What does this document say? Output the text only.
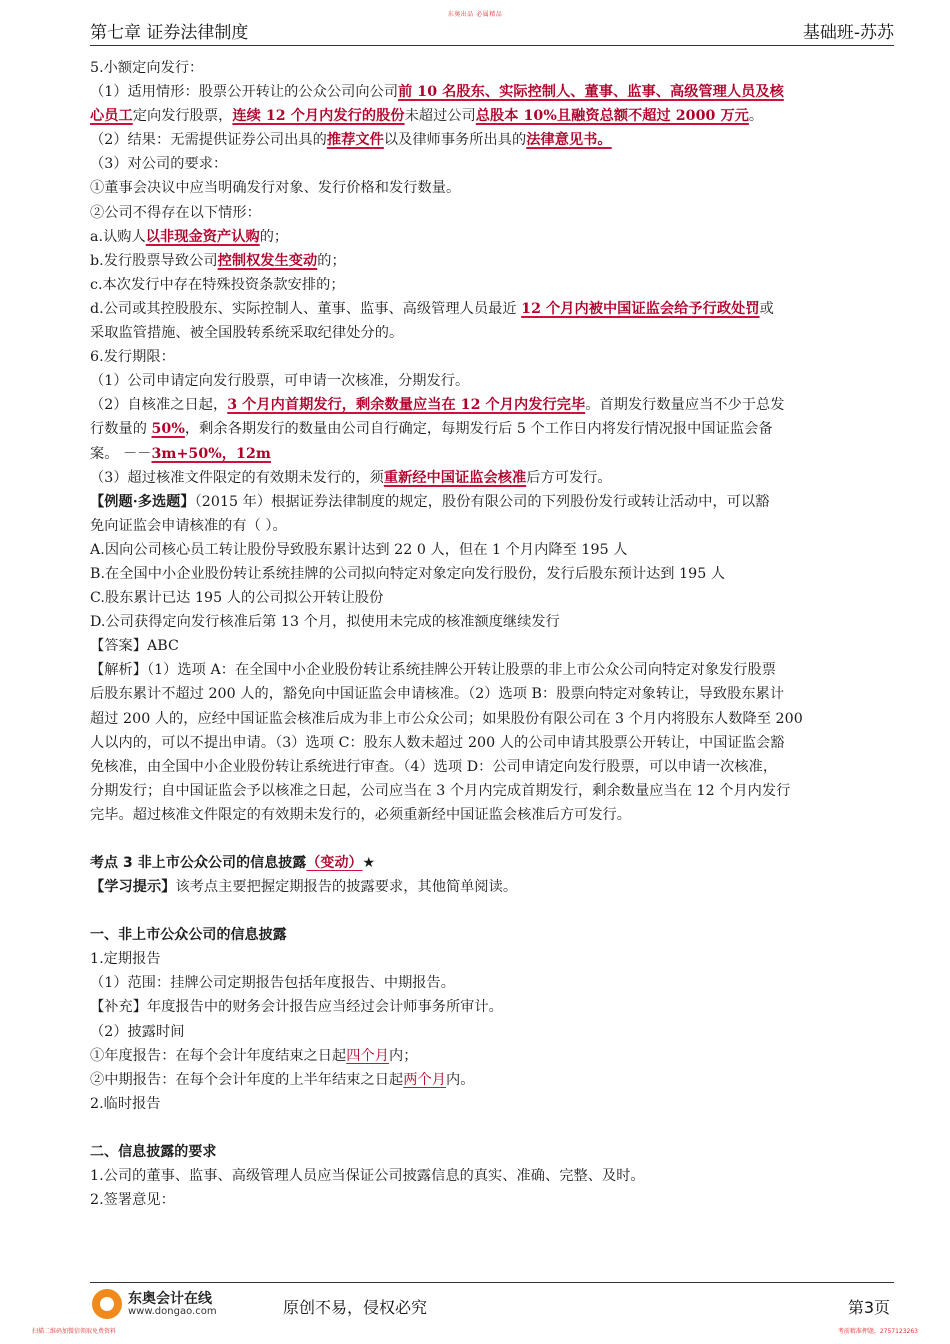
东奥出品 必属精品
第七章 证券法律制度	基础班-苏苏

5.小额定向发行：

（1）适用情形：股票公开转让的公众公司向公司前 10 名股东、实际控制人、董事、监事、高级管理人员及核

心员工定向发行股票，连续 12 个月内发行的股份未超过公司总股本 10%且融资总额不超过 2000 万元。

（2）结果：无需提供证券公司出具的推荐文件以及律师事务所出具的法律意见书。

（3）对公司的要求：

①董事会决议中应当明确发行对象、发行价格和发行数量。

②公司不得存在以下情形：

a.认购人以非现金资产认购的；

b.发行股票导致公司控制权发生变动的；

c.本次发行中存在特殊投资条款安排的；

d.公司或其控股股东、实际控制人、董事、监事、高级管理人员最近 12 个月内被中国证监会给予行政处罚或

采取监管措施、被全国股转系统采取纪律处分的。

6.发行期限：

（1）公司申请定向发行股票，可申请一次核准，分期发行。

（2）自核准之日起，3 个月内首期发行，剩余数量应当在 12 个月内发行完毕。首期发行数量应当不少于总发

行数量的 50%，剩余各期发行的数量由公司自行确定，每期发行后 5 个工作日内将发行情况报中国证监会备

案。 －－3m+50%，12m

（3）超过核准文件限定的有效期未发行的，须重新经中国证监会核准后方可发行。

【例题·多选题】（2015 年）根据证券法律制度的规定，股份有限公司的下列股份发行或转让活动中，可以豁

免向证监会申请核准的有（ ）。

A.因向公司核心员工转让股份导致股东累计达到 22 0 人，但在 1 个月内降至 195 人

B.在全国中小企业股份转让系统挂牌的公司拟向特定对象定向发行股份，发行后股东预计达到 195 人

C.股东累计已达 195 人的公司拟公开转让股份

D.公司获得定向发行核准后第 13 个月，拟使用未完成的核准额度继续发行

【答案】ABC

【解析】（1）选项 A：在全国中小企业股份转让系统挂牌公开转让股票的非上市公众公司向特定对象发行股票

后股东累计不超过 200 人的，豁免向中国证监会申请核准。（2）选项 B：股票向特定对象转让，导致股东累计

超过 200 人的，应经中国证监会核准后成为非上市公众公司；如果股份有限公司在 3 个月内将股东人数降至 200

人以内的，可以不提出申请。（3）选项 C：股东人数未超过 200 人的公司申请其股票公开转让，中国证监会豁

免核准，由全国中小企业股份转让系统进行审查。（4）选项 D：公司申请定向发行股票，可以申请一次核准，

分期发行；自中国证监会予以核准之日起，公司应当在 3 个月内完成首期发行，剩余数量应当在 12 个月内发行

完毕。超过核准文件限定的有效期未发行的，必须重新经中国证监会核准后方可发行。

考点 3 非上市公众公司的信息披露（变动）★

【学习提示】该考点主要把握定期报告的披露要求，其他简单阅读。

一、非上市公众公司的信息披露

1.定期报告

（1）范围：挂牌公司定期报告包括年度报告、中期报告。

【补充】年度报告中的财务会计报告应当经过会计师事务所审计。

（2）披露时间

①年度报告：在每个会计年度结束之日起四个月内；

②中期报告：在每个会计年度的上半年结束之日起两个月内。

2.临时报告

二、信息披露的要求

1.公司的董事、监事、高级管理人员应当保证公司披露信息的真实、准确、完整、及时。

2.签署意见：

东奥会计在线
www.dongao.com	原创不易，侵权必究	第3页
扫描二维码加微信领取免费资料	考前精准押题，2757123263
